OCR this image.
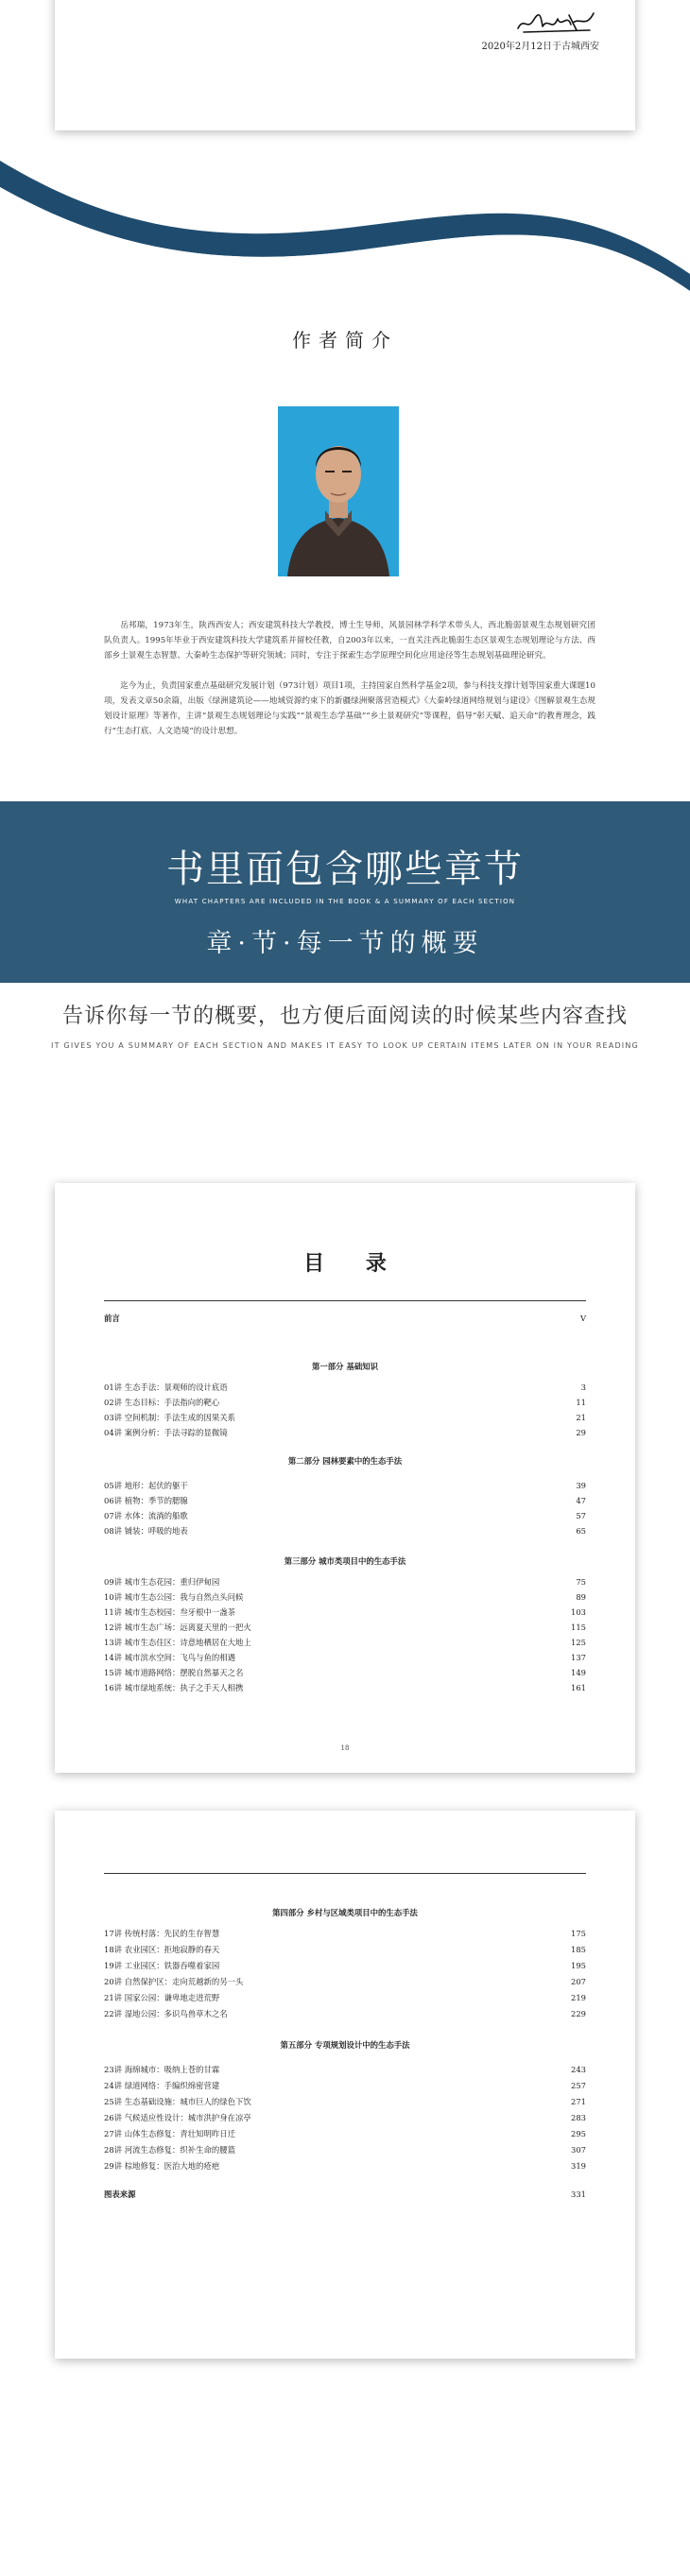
2020年2月12日于古城西安
作者简介

岳邦瑞，1973年生，陕西西安人；西安建筑科技大学教授，博士生导师，风景园林学科学术带头人，西北脆弱景观生态规划研究团队负责人。1995年毕业于西安建筑科技大学建筑系并留校任教，自2003年以来，一直关注西北脆弱生态区景观生态规划理论与方法、西部乡土景观生态智慧、大秦岭生态保护等研究领域；同时，专注于探索生态学原理空间化应用途径等生态规划基础理论研究。

迄今为止，负责国家重点基础研究发展计划（973计划）项目1项，主持国家自然科学基金2项，参与科技支撑计划等国家重大课题10项，发表文章50余篇，出版《绿洲建筑论——地域资源约束下的新疆绿洲聚落营造模式》《大秦岭绿道网络规划与建设》《图解景观生态规划设计原理》等著作，主讲“景观生态规划理论与实践”“景观生态学基础”“乡土景观研究”等课程，倡导“彰天赋、追天命”的教育理念，践行“生态打底、人文造境”的设计思想。

书里面包含哪些章节
WHAT CHAPTERS ARE INCLUDED IN THE BOOK & A SUMMARY OF EACH SECTION
章·节·每一节的概要
告诉你每一节的概要，也方便后面阅读的时候某些内容查找
IT GIVES YOU A SUMMARY OF EACH SECTION AND MAKES IT EASY TO LOOK UP CERTAIN ITEMS LATER ON IN YOUR READING
目 录
前言	V
第一部分 基础知识
01讲 生态手法：景观师的设计底语	3
02讲 生态目标：手法指向的靶心	11
03讲 空间机制：手法生成的因果关系	21
04讲 案例分析：手法寻踪的显微镜	29
第二部分 园林要素中的生态手法
05讲 地形：起伏的躯干	39
06讲 植物：季节的腮腺	47
07讲 水体：流淌的船歌	57
08讲 铺装：呼吸的地表	65
第三部分 城市类项目中的生态手法
09讲 城市生态花园：重归伊甸园	75
10讲 城市生态公园：我与自然点头问候	89
11讲 城市生态校园：叁牙根中一盏茶	103
12讲 城市生态广场：远离夏天里的一把火	115
13讲 城市生态住区：诗意地栖居在大地上	125
14讲 城市滨水空间：飞鸟与鱼的相遇	137
15讲 城市道路网络：摆脱自然暴天之名	149
16讲 城市绿地系统：执子之手天人相携	161
18
第四部分 乡村与区域类项目中的生态手法
17讲 传统村落：先民的生存智慧	175
18讲 农业园区：拒地寂静的春天	185
19讲 工业园区：铁器吞噬着家园	195
20讲 自然保护区：走向荒越新的另一头	207
21讲 国家公园：谦卑地走进荒野	219
22讲 湿地公园：多识鸟兽草木之名	229
第五部分 专项规划设计中的生态手法
23讲 海绵城市：吸纳上苍的甘霖	243
24讲 绿道网络：手编织绵密营建	257
25讲 生态基础设施：城市巨人的绿色下饮	271
26讲 气候适应性设计：城市洪护身在凉亭	283
27讲 山体生态修复：青壮知明昨日迁	295
28讲 河流生态修复：织补生命的腰篮	307
29讲 棕地修复：医治大地的疮疤	319
图表来源	331
